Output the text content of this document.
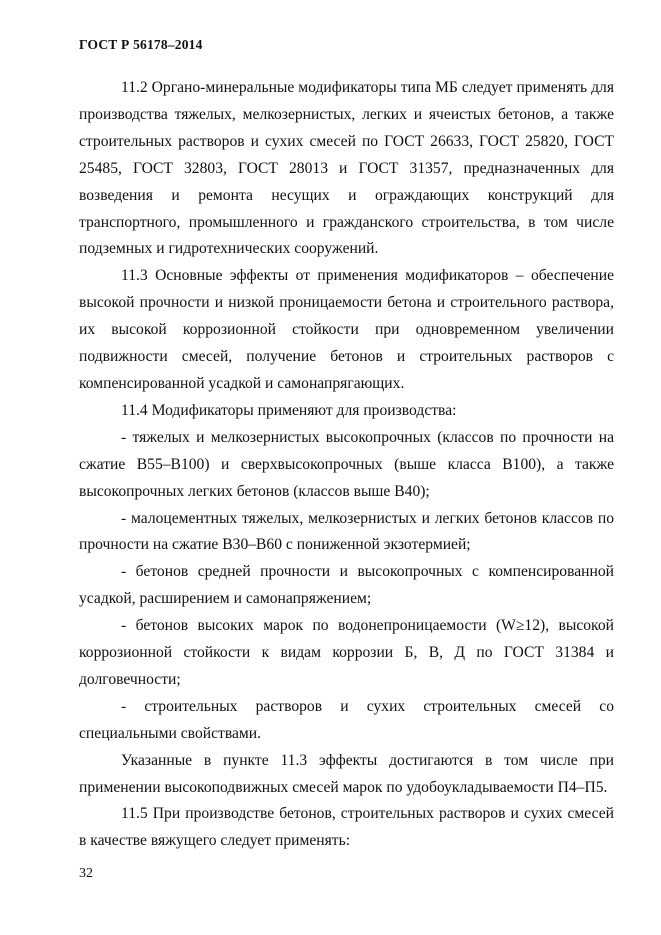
ГОСТ Р 56178–2014

11.2 Органо-минеральные модификаторы типа МБ следует применять для производства тяжелых, мелкозернистых, легких и ячеистых бетонов, а также строительных растворов и сухих смесей по ГОСТ 26633, ГОСТ 25820, ГОСТ 25485, ГОСТ 32803, ГОСТ 28013 и ГОСТ 31357, предназначенных для возведения и ремонта несущих и ограждающих конструкций для транспортного, промышленного и гражданского строительства, в том числе подземных и гидротехнических сооружений.

11.3 Основные эффекты от применения модификаторов – обеспечение высокой прочности и низкой проницаемости бетона и строительного раствора, их высокой коррозионной стойкости при одновременном увеличении подвижности смесей, получение бетонов и строительных растворов с компенсированной усадкой и самонапрягающих.

11.4 Модификаторы применяют для производства:

- тяжелых и мелкозернистых высокопрочных (классов по прочности на сжатие В55–В100) и сверхвысокопрочных (выше класса В100), а также высокопрочных легких бетонов (классов выше В40);

- малоцементных тяжелых, мелкозернистых и легких бетонов классов по прочности на сжатие В30–В60 с пониженной экзотермией;

- бетонов средней прочности и высокопрочных с компенсированной усадкой, расширением и самонапряжением;

- бетонов высоких марок по водонепроницаемости (W≥12), высокой коррозионной стойкости к видам коррозии Б, В, Д по ГОСТ 31384 и долговечности;

- строительных растворов и сухих строительных смесей со специальными свойствами.

Указанные в пункте 11.3 эффекты достигаются в том числе при применении высокоподвижных смесей марок по удобоукладываемости П4–П5.

11.5 При производстве бетонов, строительных растворов и сухих смесей в качестве вяжущего следует применять:

32
